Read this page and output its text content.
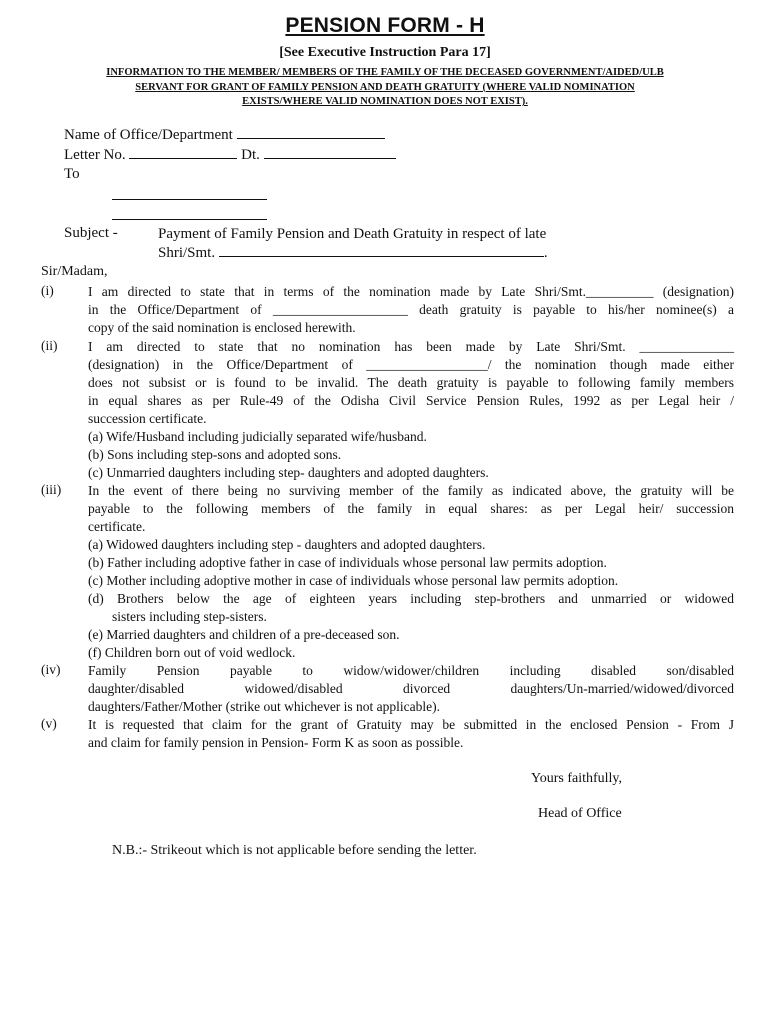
PENSION FORM - H
[See Executive Instruction Para 17]
INFORMATION TO THE MEMBER/ MEMBERS OF THE FAMILY OF THE DECEASED GOVERNMENT/AIDED/ULB
SERVANT FOR GRANT OF FAMILY PENSION AND DEATH GRATUITY (WHERE VALID NOMINATION
EXISTS/WHERE VALID NOMINATION DOES NOT EXIST).
Name of Office/Department
Letter No.	Dt.
To
Subject -	Payment of Family Pension and Death Gratuity in respect of late
Shri/Smt.	.
Sir/Madam,
(i)	I am directed to state that in terms of the nomination made by Late Shri/Smt.__________ (designation)
in the Office/Department of ____________________ death gratuity is payable to his/her nominee(s) a
copy of the said nomination is enclosed herewith.
(ii) I am directed to state that no nomination has been made by Late Shri/Smt. ______________
(designation) in the Office/Department of __________________/ the nomination though made either
does not subsist or is found to be invalid. The death gratuity is payable to following family members
in equal shares as per Rule-49 of the Odisha Civil Service Pension Rules, 1992 as per Legal heir /
succession certificate.
(a) Wife/Husband including judicially separated wife/husband.
(b) Sons including step-sons and adopted sons.
(c) Unmarried daughters including step- daughters and adopted daughters.
(iii) In the event of there being no surviving member of the family as indicated above, the gratuity will be
payable to the following members of the family in equal shares: as per Legal heir/ succession
certificate.
(a) Widowed daughters including step - daughters and adopted daughters.
(b) Father including adoptive father in case of individuals whose personal law permits adoption.
(c) Mother including adoptive mother in case of individuals whose personal law permits adoption.
(d) Brothers below the age of eighteen years including step-brothers and unmarried or widowed
sisters including step-sisters.
(e) Married daughters and children of a pre-deceased son.
(f) Children born out of void wedlock.
(iv) Family Pension payable to widow/widower/children including disabled son/disabled
daughter/disabled widowed/disabled divorced daughters/Un-married/widowed/divorced
daughters/Father/Mother (strike out whichever is not applicable).
(v) It is requested that claim for the grant of Gratuity may be submitted in the enclosed Pension - From J
and claim for family pension in Pension- Form K as soon as possible.
Yours faithfully,
Head of Office
N.B.:- Strikeout which is not applicable before sending the letter.
